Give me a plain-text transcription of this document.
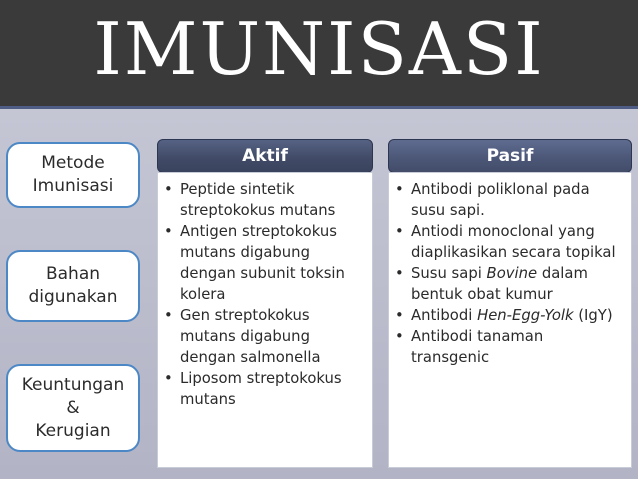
IMUNISASI
Metode
Imunisasi
Bahan
digunakan
Keuntungan
&
Kerugian
Aktif	Pasif
• Peptide sintetik streptokokus mutans
• Antigen streptokokus mutans digabung dengan subunit toksin kolera
• Gen streptokokus mutans digabung dengan salmonella
• Liposom streptokokus mutans
• Antibodi poliklonal pada susu sapi.
• Antiodi monoclonal yang diaplikasikan secara topikal
• Susu sapi Bovine dalam bentuk obat kumur
• Antibodi Hen-Egg-Yolk (IgY)
• Antibodi tanaman transgenic
